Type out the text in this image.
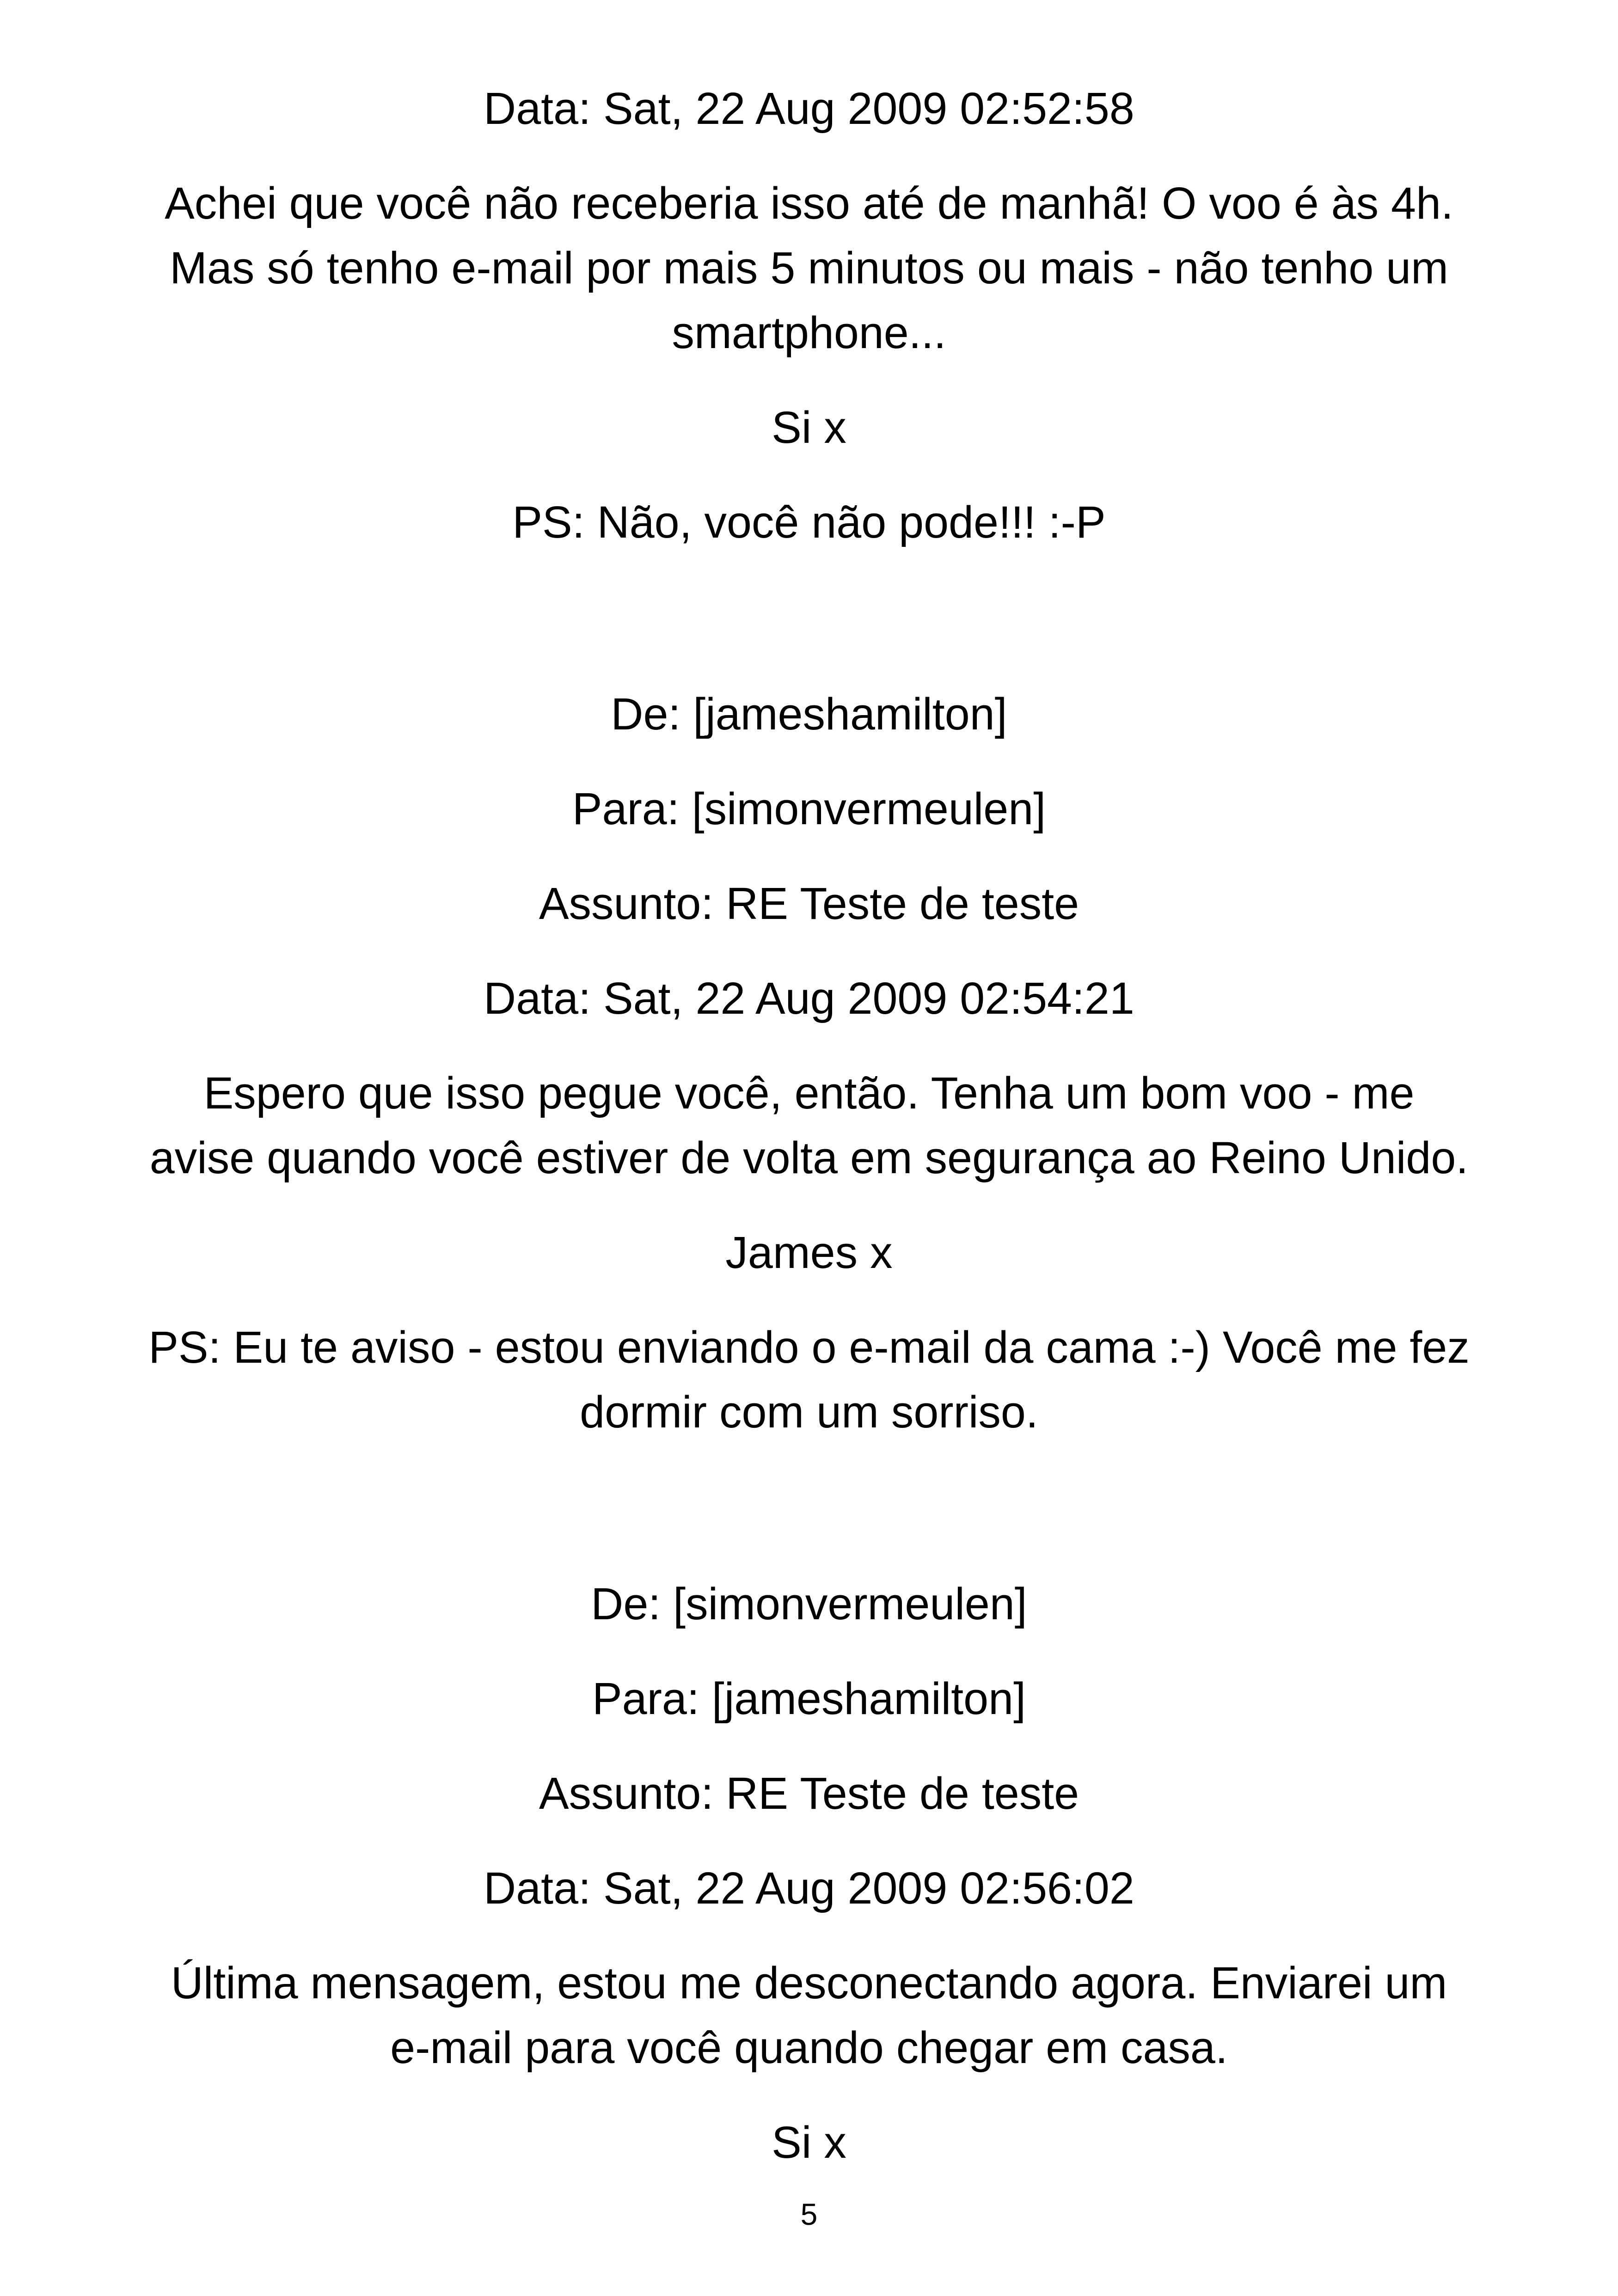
Data: Sat, 22 Aug 2009 02:52:58
Achei que você não receberia isso até de manhã! O voo é às 4h.
Mas só tenho e-mail por mais 5 minutos ou mais - não tenho um
smartphone...
Si x
PS: Não, você não pode!!! :-P
De: [jameshamilton]
Para: [simonvermeulen]
Assunto: RE Teste de teste
Data: Sat, 22 Aug 2009 02:54:21
Espero que isso pegue você, então. Tenha um bom voo - me
avise quando você estiver de volta em segurança ao Reino Unido.
James x
PS: Eu te aviso - estou enviando o e-mail da cama :-) Você me fez
dormir com um sorriso.
De: [simonvermeulen]
Para: [jameshamilton]
Assunto: RE Teste de teste
Data: Sat, 22 Aug 2009 02:56:02
Última mensagem, estou me desconectando agora. Enviarei um
e-mail para você quando chegar em casa.
Si x
5
